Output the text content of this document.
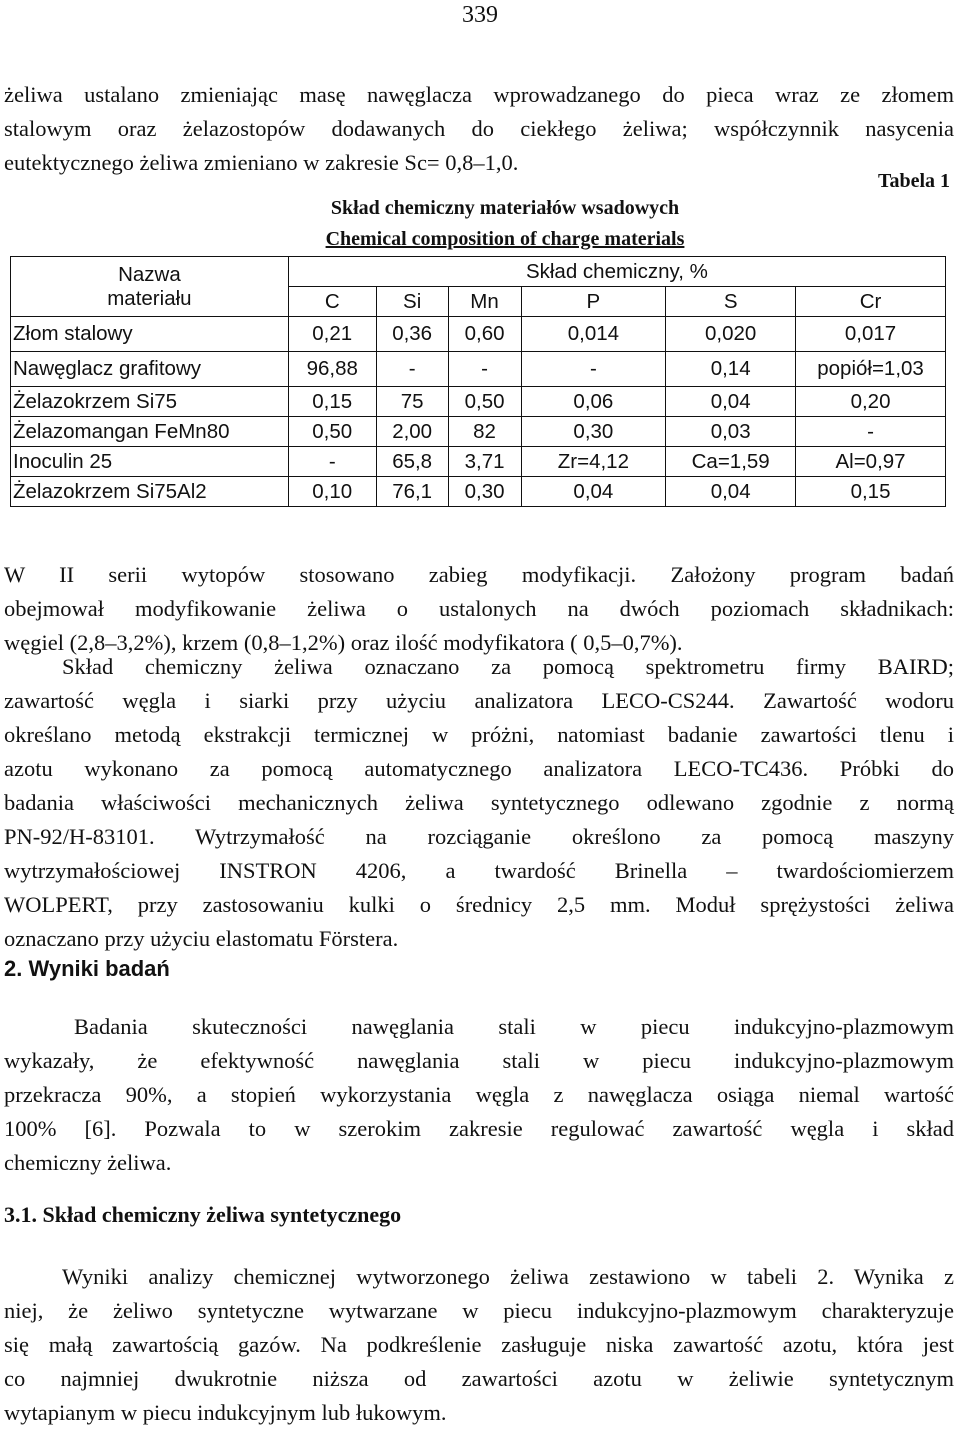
339
żeliwa ustalano zmieniając masę nawęglacza wprowadzanego do pieca wraz ze złomem
stalowym oraz żelazostopów dodawanych do ciekłego żeliwa; współczynnik nasycenia
eutektycznego żeliwa zmieniano w zakresie Sc= 0,8–1,0.
Tabela 1
Skład chemiczny materiałów wsadowych
Chemical composition of charge materials
Nazwa
materiału	Skład chemiczny, %					
	C	Si	Mn	P	S	Cr
Złom stalowy	0,21	0,36	0,60	0,014	0,020	0,017
Nawęglacz grafitowy	96,88	-	-	-	0,14	popiół=1,03
Żelazokrzem Si75	0,15	75	0,50	0,06	0,04	0,20
Żelazomangan FeMn80	0,50	2,00	82	0,30	0,03	-
Inoculin 25	-	65,8	3,71	Zr=4,12	Ca=1,59	Al=0,97
Żelazokrzem Si75Al2	0,10	76,1	0,30	0,04	0,04	0,15
W II serii wytopów stosowano zabieg modyfikacji. Założony program badań
obejmował modyfikowanie żeliwa o ustalonych na dwóch poziomach składnikach:
węgiel (2,8–3,2%), krzem (0,8–1,2%) oraz ilość modyfikatora ( 0,5–0,7%).
Skład chemiczny żeliwa oznaczano za pomocą spektrometru firmy BAIRD;
zawartość węgla i siarki przy użyciu analizatora LECO-CS244. Zawartość wodoru
określano metodą ekstrakcji termicznej w próżni, natomiast badanie zawartości tlenu i
azotu wykonano za pomocą automatycznego analizatora LECO-TC436. Próbki do
badania właściwości mechanicznych żeliwa syntetycznego odlewano zgodnie z normą
PN-92/H-83101. Wytrzymałość na rozciąganie określono za pomocą maszyny
wytrzymałościowej INSTRON 4206, a twardość Brinella – twardościomierzem
WOLPERT, przy zastosowaniu kulki o średnicy 2,5 mm. Moduł sprężystości żeliwa
oznaczano przy użyciu elastomatu Förstera.
2. Wyniki badań
Badania skuteczności nawęglania stali w piecu indukcyjno-plazmowym
wykazały, że efektywność nawęglania stali w piecu indukcyjno-plazmowym
przekracza 90%, a stopień wykorzystania węgla z nawęglacza osiąga niemal wartość
100% [6]. Pozwala to w szerokim zakresie regulować zawartość węgla i skład
chemiczny żeliwa.
3.1. Skład chemiczny żeliwa syntetycznego
Wyniki analizy chemicznej wytworzonego żeliwa zestawiono w tabeli 2. Wynika z
niej, że żeliwo syntetyczne wytwarzane w piecu indukcyjno-plazmowym charakteryzuje
się małą zawartością gazów. Na podkreślenie zasługuje niska zawartość azotu, która jest
co najmniej dwukrotnie niższa od zawartości azotu w żeliwie syntetycznym
wytapianym w piecu indukcyjnym lub łukowym.
